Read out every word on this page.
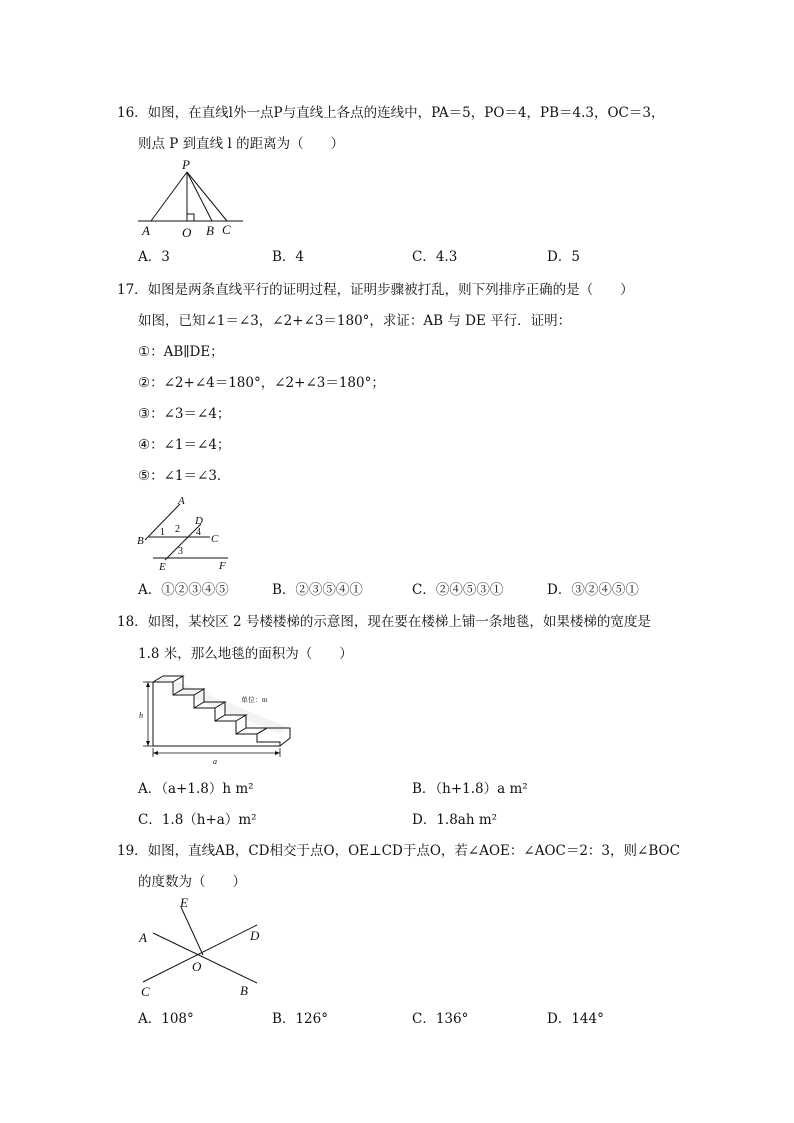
16．如图，在直线l外一点P与直线上各点的连线中，PA＝5，PO＝4，PB＝4.3，OC＝3，
则点 P 到直线 l 的距离为（　　）
P
A O B C
A．3	B．4	C．4.3	D．5
17．如图是两条直线平行的证明过程，证明步骤被打乱，则下列排序正确的是（　　）
如图，已知∠1＝∠3，∠2+∠3＝180°，求证：AB 与 DE 平行．证明：
①：AB∥DE；
②：∠2+∠4＝180°，∠2+∠3＝180°；
③：∠3＝∠4；
④：∠1＝∠4；
⑤：∠1＝∠3．
A
B	C
D
E	F
1 2
3
4
A．①②③④⑤	B．②③⑤④①	C．②④⑤③①	D．③②④⑤①
18．如图，某校区 2 号楼楼梯的示意图，现在要在楼梯上铺一条地毯，如果楼梯的宽度是
1.8 米，那么地毯的面积为（　　）
h
a
单位：m
A．（a+1.8）h m²	B．（h+1.8）a m²
C．1.8（h+a）m²	D．1.8ah m²
19．如图，直线AB，CD相交于点O，OE⊥CD于点O，若∠AOE：∠AOC＝2：3，则∠BOC
的度数为（　　）
E
A	D
O
C	B
A．108°	B．126°	C．136°	D．144°
